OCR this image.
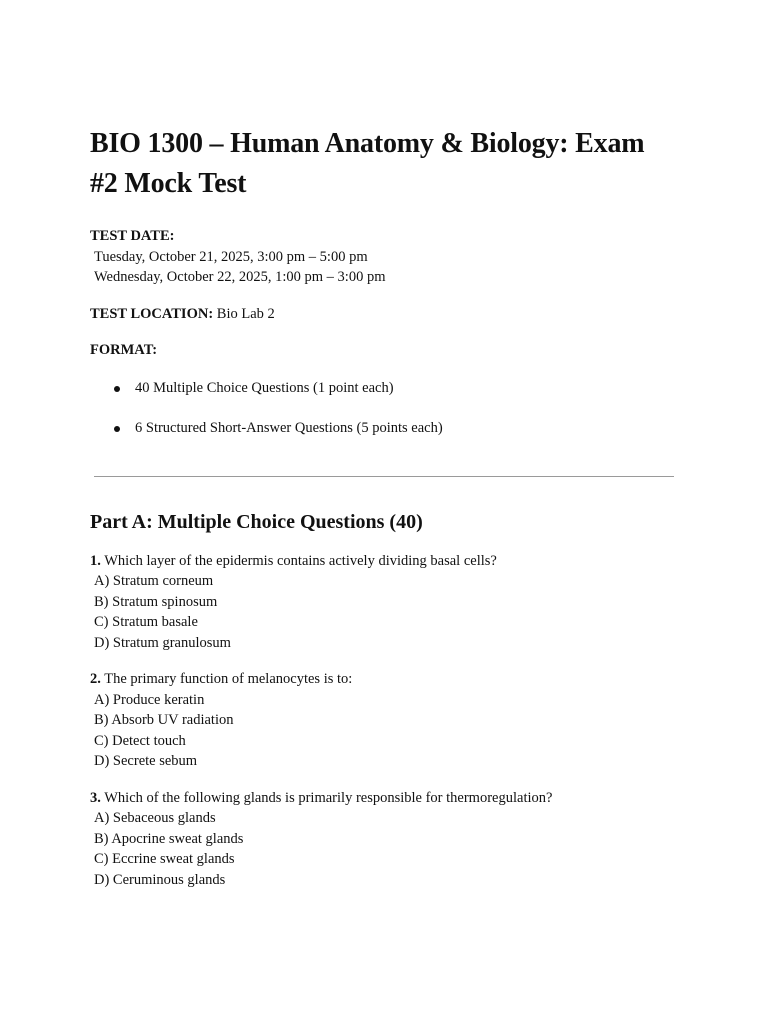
BIO 1300 – Human Anatomy & Biology: Exam #2 Mock Test
TEST DATE:
Tuesday, October 21, 2025, 3:00 pm – 5:00 pm
Wednesday, October 22, 2025, 1:00 pm – 3:00 pm
TEST LOCATION: Bio Lab 2
FORMAT:
40 Multiple Choice Questions (1 point each)
6 Structured Short-Answer Questions (5 points each)
Part A: Multiple Choice Questions (40)
1. Which layer of the epidermis contains actively dividing basal cells?
A) Stratum corneum
B) Stratum spinosum
C) Stratum basale
D) Stratum granulosum
2. The primary function of melanocytes is to:
A) Produce keratin
B) Absorb UV radiation
C) Detect touch
D) Secrete sebum
3. Which of the following glands is primarily responsible for thermoregulation?
A) Sebaceous glands
B) Apocrine sweat glands
C) Eccrine sweat glands
D) Ceruminous glands
